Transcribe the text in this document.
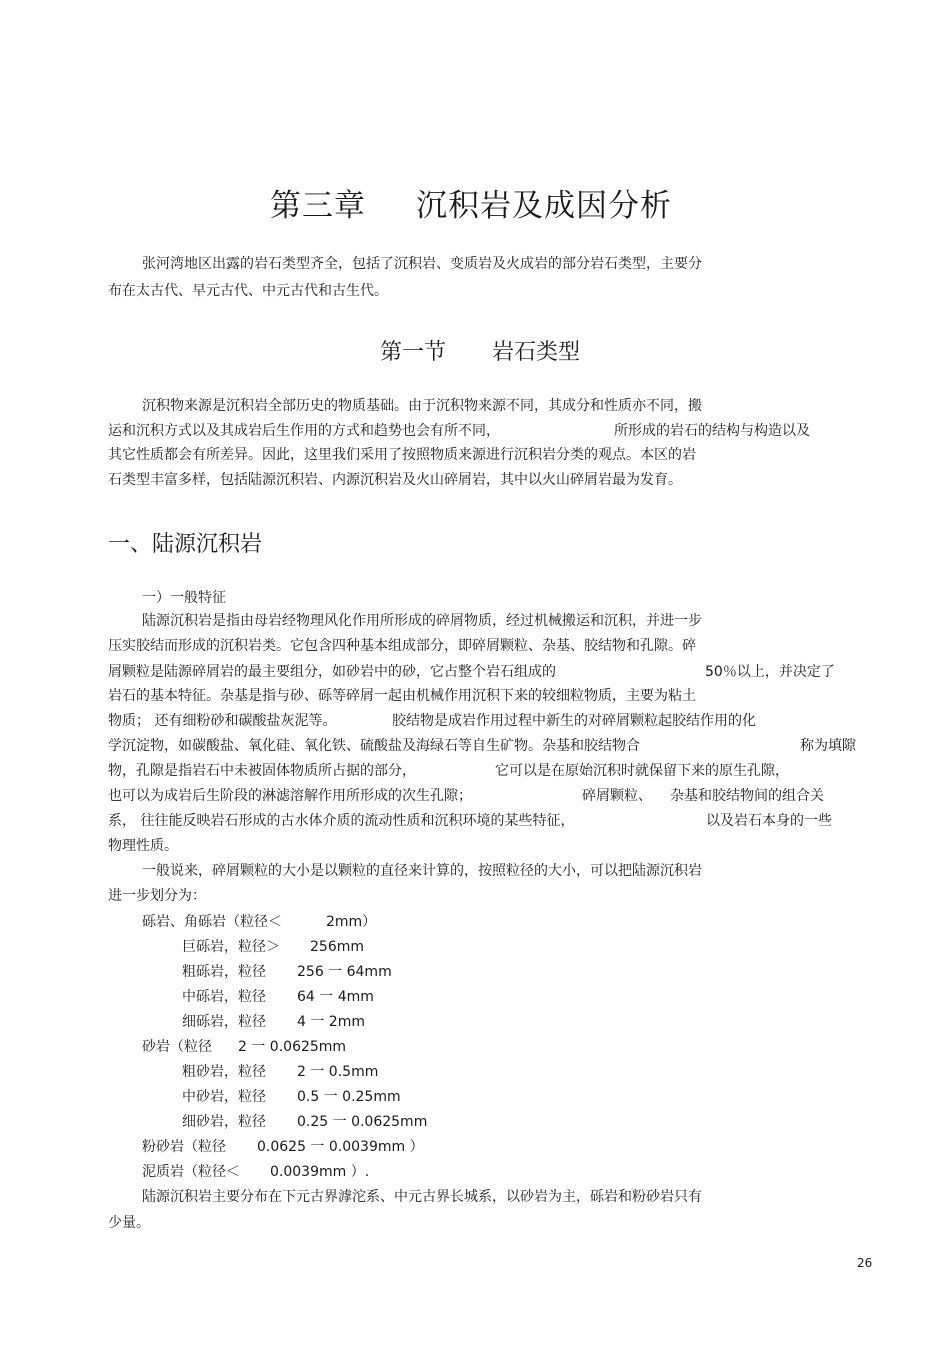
第三章 沉积岩及成因分析
张河湾地区出露的岩石类型齐全，包括了沉积岩、变质岩及火成岩的部分岩石类型，主要分
布在太古代、早元古代、中元古代和古生代。
第一节 岩石类型
沉积物来源是沉积岩全部历史的物质基础。由于沉积物来源不同，其成分和性质亦不同，搬
运和沉积方式以及其成岩后生作用的方式和趋势也会有所不同，	所形成的岩石的结构与构造以及
其它性质都会有所差异。因此，这里我们采用了按照物质来源进行沉积岩分类的观点。本区的岩
石类型丰富多样，包括陆源沉积岩、内源沉积岩及火山碎屑岩，其中以火山碎屑岩最为发育。
一、陆源沉积岩
一）一般特征
陆源沉积岩是指由母岩经物理风化作用所形成的碎屑物质，经过机械搬运和沉积，并进一步
压实胶结而形成的沉积岩类。它包含四种基本组成部分，即碎屑颗粒、杂基、胶结物和孔隙。碎
屑颗粒是陆源碎屑岩的最主要组分，如砂岩中的砂，它占整个岩石组成的	50％以上，并决定了
岩石的基本特征。杂基是指与砂、砾等碎屑一起由机械作用沉积下来的较细粒物质，主要为粘土
物质； 还有细粉砂和碳酸盐灰泥等。	胶结物是成岩作用过程中新生的对碎屑颗粒起胶结作用的化
学沉淀物，如碳酸盐、氧化硅、氧化铁、硫酸盐及海绿石等自生矿物。杂基和胶结物合	称为填隙
物，孔隙是指岩石中未被固体物质所占据的部分，	它可以是在原始沉积时就保留下来的原生孔隙，
也可以为成岩后生阶段的淋滤溶解作用所形成的次生孔隙；	碎屑颗粒、 杂基和胶结物间的组合关
系， 往往能反映岩石形成的古水体介质的流动性质和沉积环境的某些特征，	以及岩石本身的一些
物理性质。
一般说来，碎屑颗粒的大小是以颗粒的直径来计算的，按照粒径的大小，可以把陆源沉积岩
进一步划分为：
砾岩、角砾岩（粒径＜	2mm）
巨砾岩，粒径＞ 256mm
粗砾岩，粒径 256 一 64mm
中砾岩，粒径 64 一 4mm
细砾岩，粒径 4 一 2mm
砂岩（粒径 2 一 0.0625mm
粗砂岩，粒径 2 一 0.5mm
中砂岩，粒径 0.5 一 0.25mm
细砂岩，粒径 0.25 一 0.0625mm
粉砂岩（粒径 0.0625 一 0.0039mm ）
泥质岩（粒径＜ 0.0039mm ）.
陆源沉积岩主要分布在下元古界滹沱系、中元古界长城系，以砂岩为主，砾岩和粉砂岩只有
少量。
26
